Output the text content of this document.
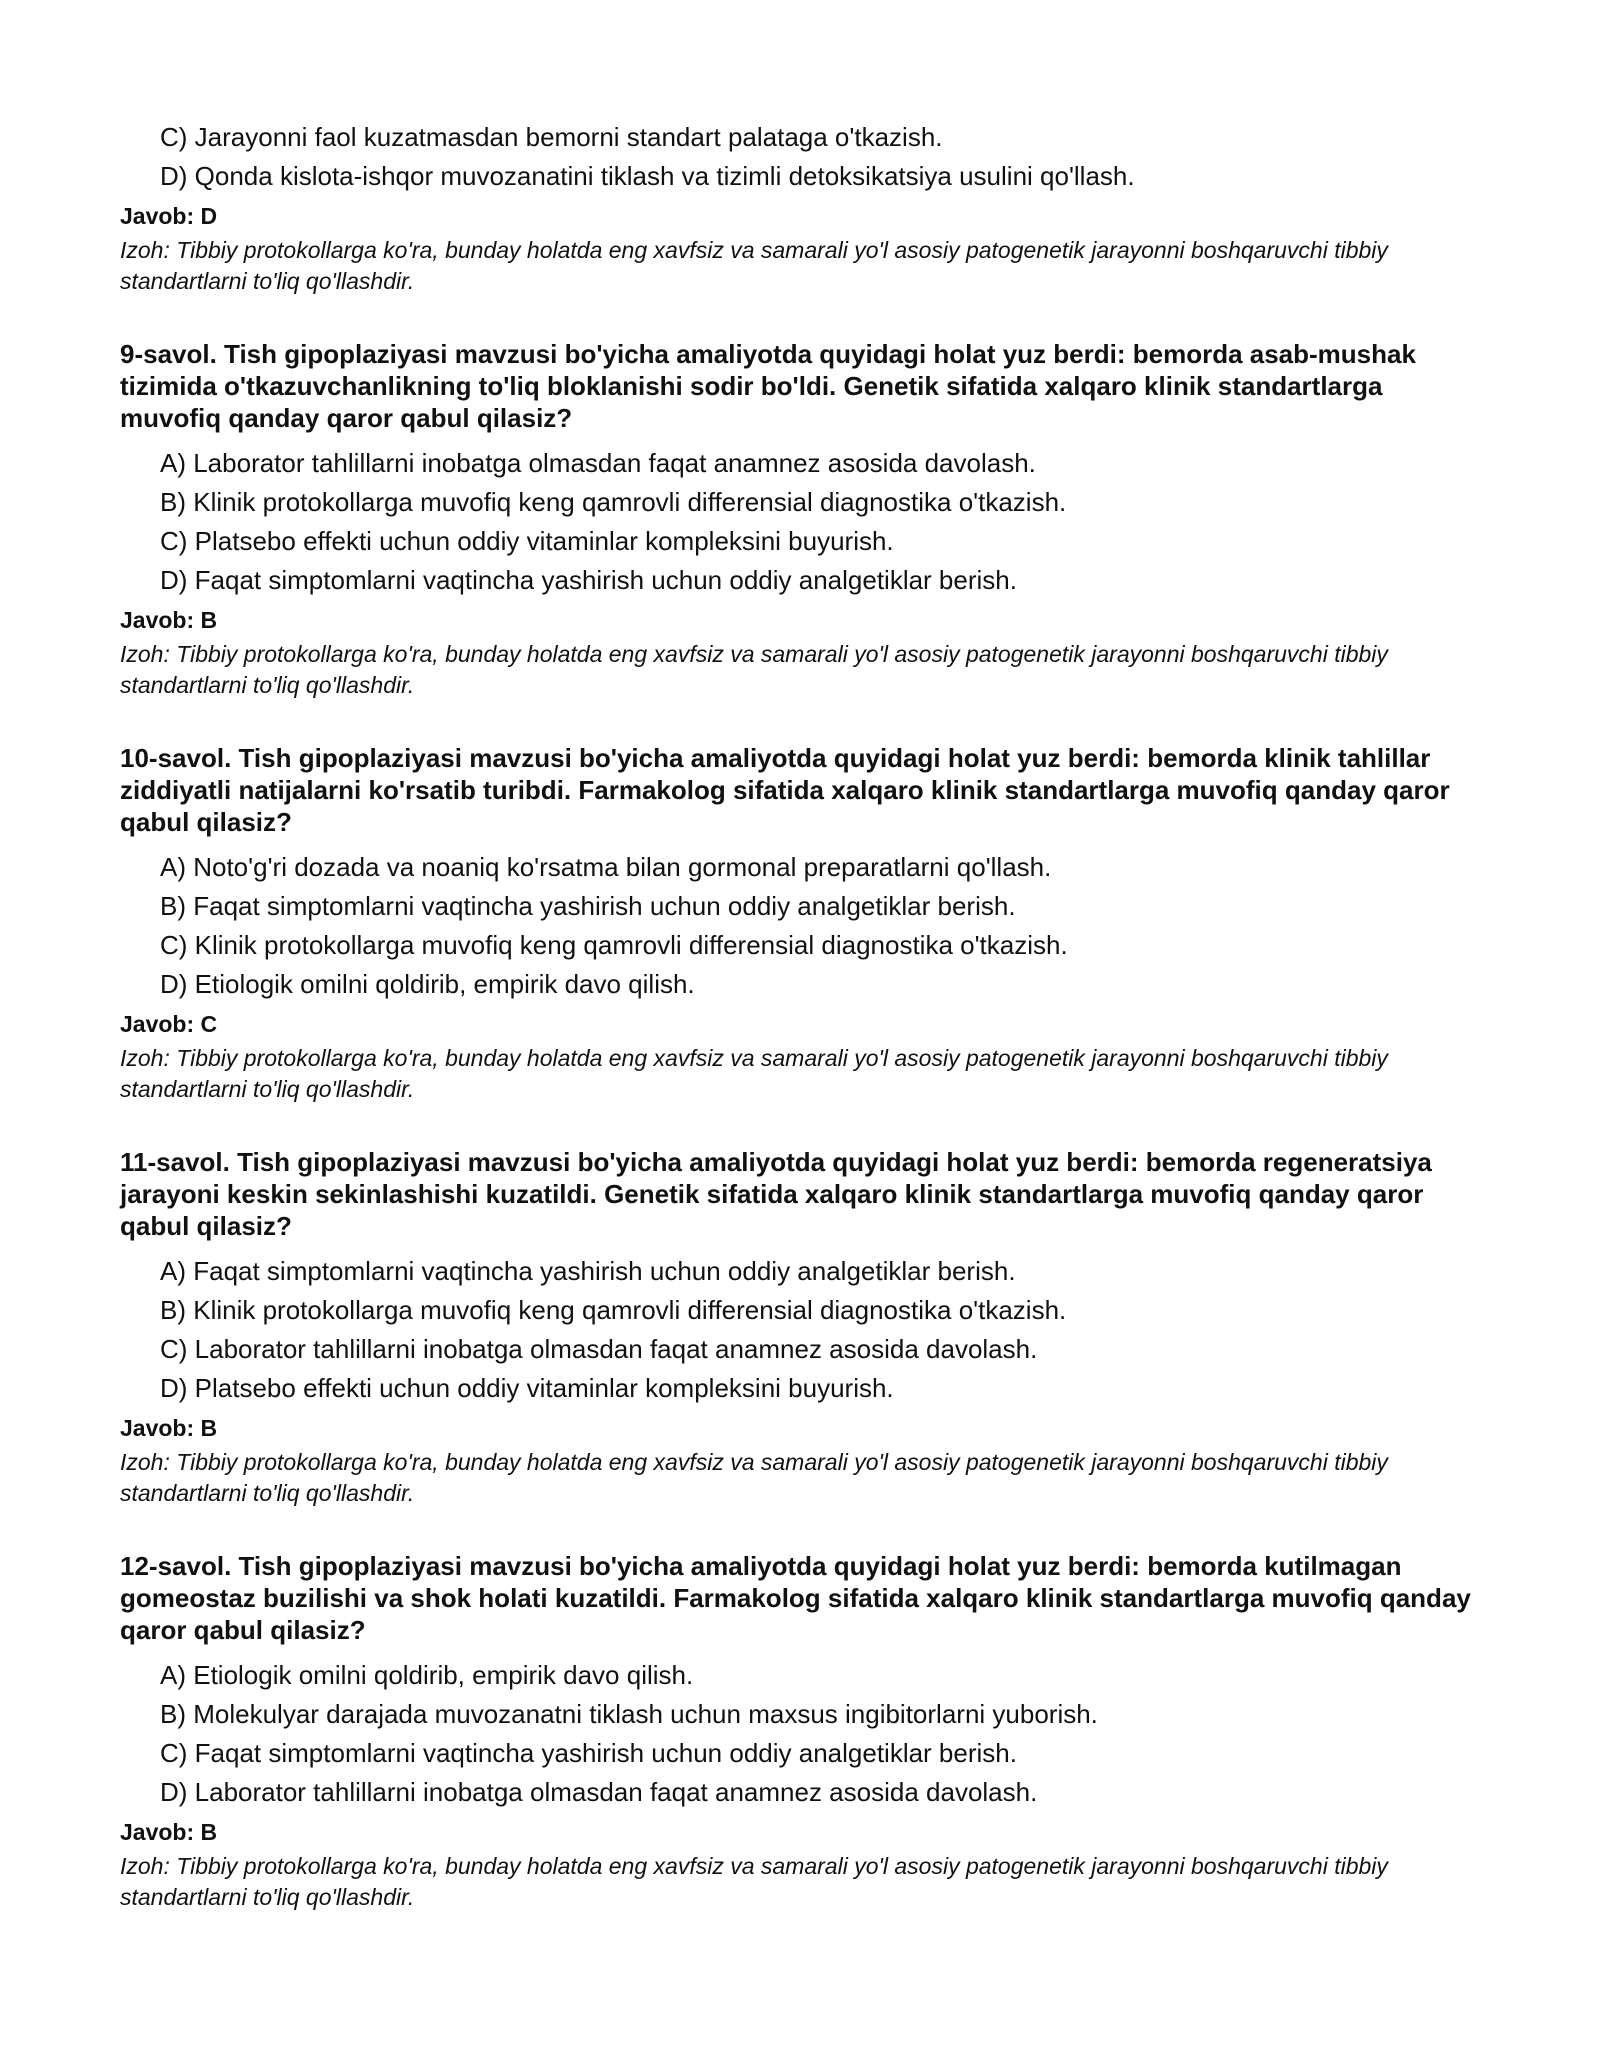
C) Jarayonni faol kuzatmasdan bemorni standart palataga o'tkazish.
D) Qonda kislota-ishqor muvozanatini tiklash va tizimli detoksikatsiya usulini qo'llash.
Javob: D
Izoh: Tibbiy protokollarga ko'ra, bunday holatda eng xavfsiz va samarali yo'l asosiy patogenetik jarayonni boshqaruvchi tibbiy standartlarni to'liq qo'llashdir.
9-savol. Tish gipoplaziyasi mavzusi bo'yicha amaliyotda quyidagi holat yuz berdi: bemorda asab-mushak tizimida o'tkazuvchanlikning to'liq bloklanishi sodir bo'ldi. Genetik sifatida xalqaro klinik standartlarga muvofiq qanday qaror qabul qilasiz?
A) Laborator tahlillarni inobatga olmasdan faqat anamnez asosida davolash.
B) Klinik protokollarga muvofiq keng qamrovli differensial diagnostika o'tkazish.
C) Platsebo effekti uchun oddiy vitaminlar kompleksini buyurish.
D) Faqat simptomlarni vaqtincha yashirish uchun oddiy analgetiklar berish.
Javob: B
Izoh: Tibbiy protokollarga ko'ra, bunday holatda eng xavfsiz va samarali yo'l asosiy patogenetik jarayonni boshqaruvchi tibbiy standartlarni to'liq qo'llashdir.
10-savol. Tish gipoplaziyasi mavzusi bo'yicha amaliyotda quyidagi holat yuz berdi: bemorda klinik tahlillar ziddiyatli natijalarni ko'rsatib turibdi. Farmakolog sifatida xalqaro klinik standartlarga muvofiq qanday qaror qabul qilasiz?
A) Noto'g'ri dozada va noaniq ko'rsatma bilan gormonal preparatlarni qo'llash.
B) Faqat simptomlarni vaqtincha yashirish uchun oddiy analgetiklar berish.
C) Klinik protokollarga muvofiq keng qamrovli differensial diagnostika o'tkazish.
D) Etiologik omilni qoldirib, empirik davo qilish.
Javob: C
Izoh: Tibbiy protokollarga ko'ra, bunday holatda eng xavfsiz va samarali yo'l asosiy patogenetik jarayonni boshqaruvchi tibbiy standartlarni to'liq qo'llashdir.
11-savol. Tish gipoplaziyasi mavzusi bo'yicha amaliyotda quyidagi holat yuz berdi: bemorda regeneratsiya jarayoni keskin sekinlashishi kuzatildi. Genetik sifatida xalqaro klinik standartlarga muvofiq qanday qaror qabul qilasiz?
A) Faqat simptomlarni vaqtincha yashirish uchun oddiy analgetiklar berish.
B) Klinik protokollarga muvofiq keng qamrovli differensial diagnostika o'tkazish.
C) Laborator tahlillarni inobatga olmasdan faqat anamnez asosida davolash.
D) Platsebo effekti uchun oddiy vitaminlar kompleksini buyurish.
Javob: B
Izoh: Tibbiy protokollarga ko'ra, bunday holatda eng xavfsiz va samarali yo'l asosiy patogenetik jarayonni boshqaruvchi tibbiy standartlarni to'liq qo'llashdir.
12-savol. Tish gipoplaziyasi mavzusi bo'yicha amaliyotda quyidagi holat yuz berdi: bemorda kutilmagan gomeostaz buzilishi va shok holati kuzatildi. Farmakolog sifatida xalqaro klinik standartlarga muvofiq qanday qaror qabul qilasiz?
A) Etiologik omilni qoldirib, empirik davo qilish.
B) Molekulyar darajada muvozanatni tiklash uchun maxsus ingibitorlarni yuborish.
C) Faqat simptomlarni vaqtincha yashirish uchun oddiy analgetiklar berish.
D) Laborator tahlillarni inobatga olmasdan faqat anamnez asosida davolash.
Javob: B
Izoh: Tibbiy protokollarga ko'ra, bunday holatda eng xavfsiz va samarali yo'l asosiy patogenetik jarayonni boshqaruvchi tibbiy standartlarni to'liq qo'llashdir.
